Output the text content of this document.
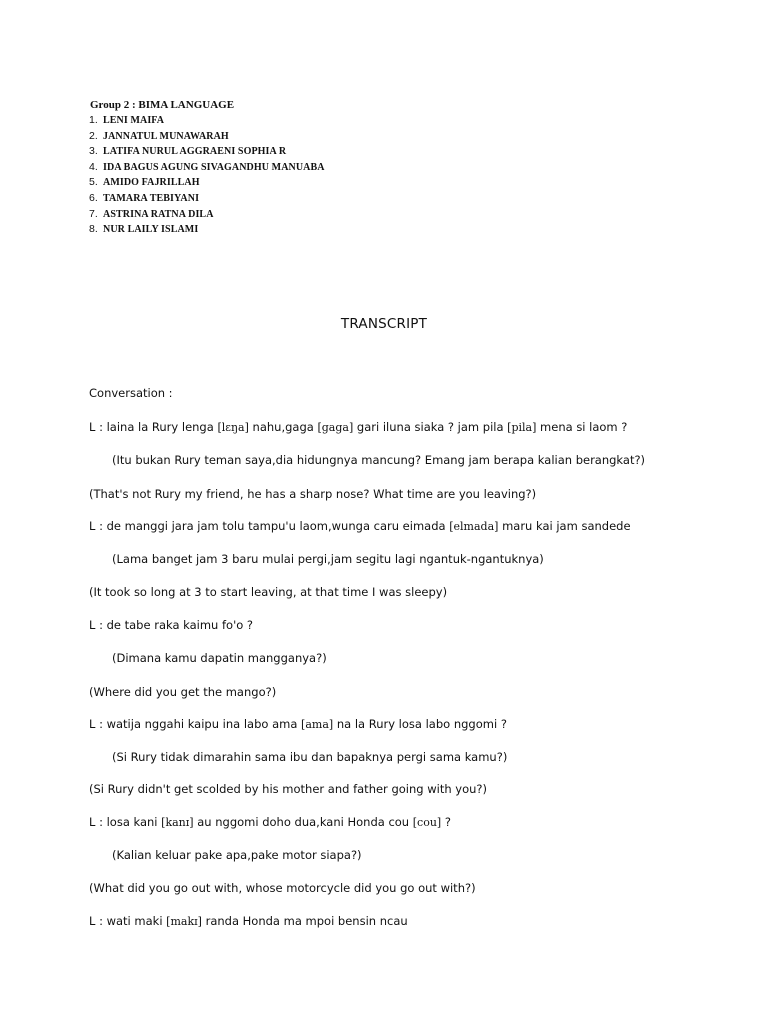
Group 2 : BIMA LANGUAGE
1. LENI MAIFA
2. JANNATUL MUNAWARAH
3. LATIFA NURUL AGGRAENI SOPHIA R
4. IDA BAGUS AGUNG SIVAGANDHU MANUABA
5. AMIDO FAJRILLAH
6. TAMARA TEBIYANI
7. ASTRINA RATNA DILA
8. NUR LAILY ISLAMI
TRANSCRIPT
Conversation :
L : laina la Rury lenga [lɛŋa] nahu,gaga [gaga] gari iluna siaka ? jam pila [pila] mena si laom ?
(Itu bukan Rury teman saya,dia hidungnya mancung? Emang jam berapa kalian berangkat?)
(That's not Rury my friend, he has a sharp nose? What time are you leaving?)
L : de manggi jara jam tolu tampu'u laom,wunga caru eimada [elmada] maru kai jam sandede
(Lama banget jam 3 baru mulai pergi,jam segitu lagi ngantuk-ngantuknya)
(It took so long at 3 to start leaving, at that time I was sleepy)
L : de tabe raka kaimu fo'o ?
(Dimana kamu dapatin mangganya?)
(Where did you get the mango?)
L : watija nggahi kaipu ina labo ama [ama] na la Rury losa labo nggomi ?
(Si Rury tidak dimarahin sama ibu dan bapaknya pergi sama kamu?)
(Si Rury didn't get scolded by his mother and father going with you?)
L : losa kani [kanɪ] au nggomi doho dua,kani Honda cou [cou] ?
(Kalian keluar pake apa,pake motor siapa?)
(What did you go out with, whose motorcycle did you go out with?)
L : wati maki [makɪ] randa Honda ma mpoi bensin ncau
